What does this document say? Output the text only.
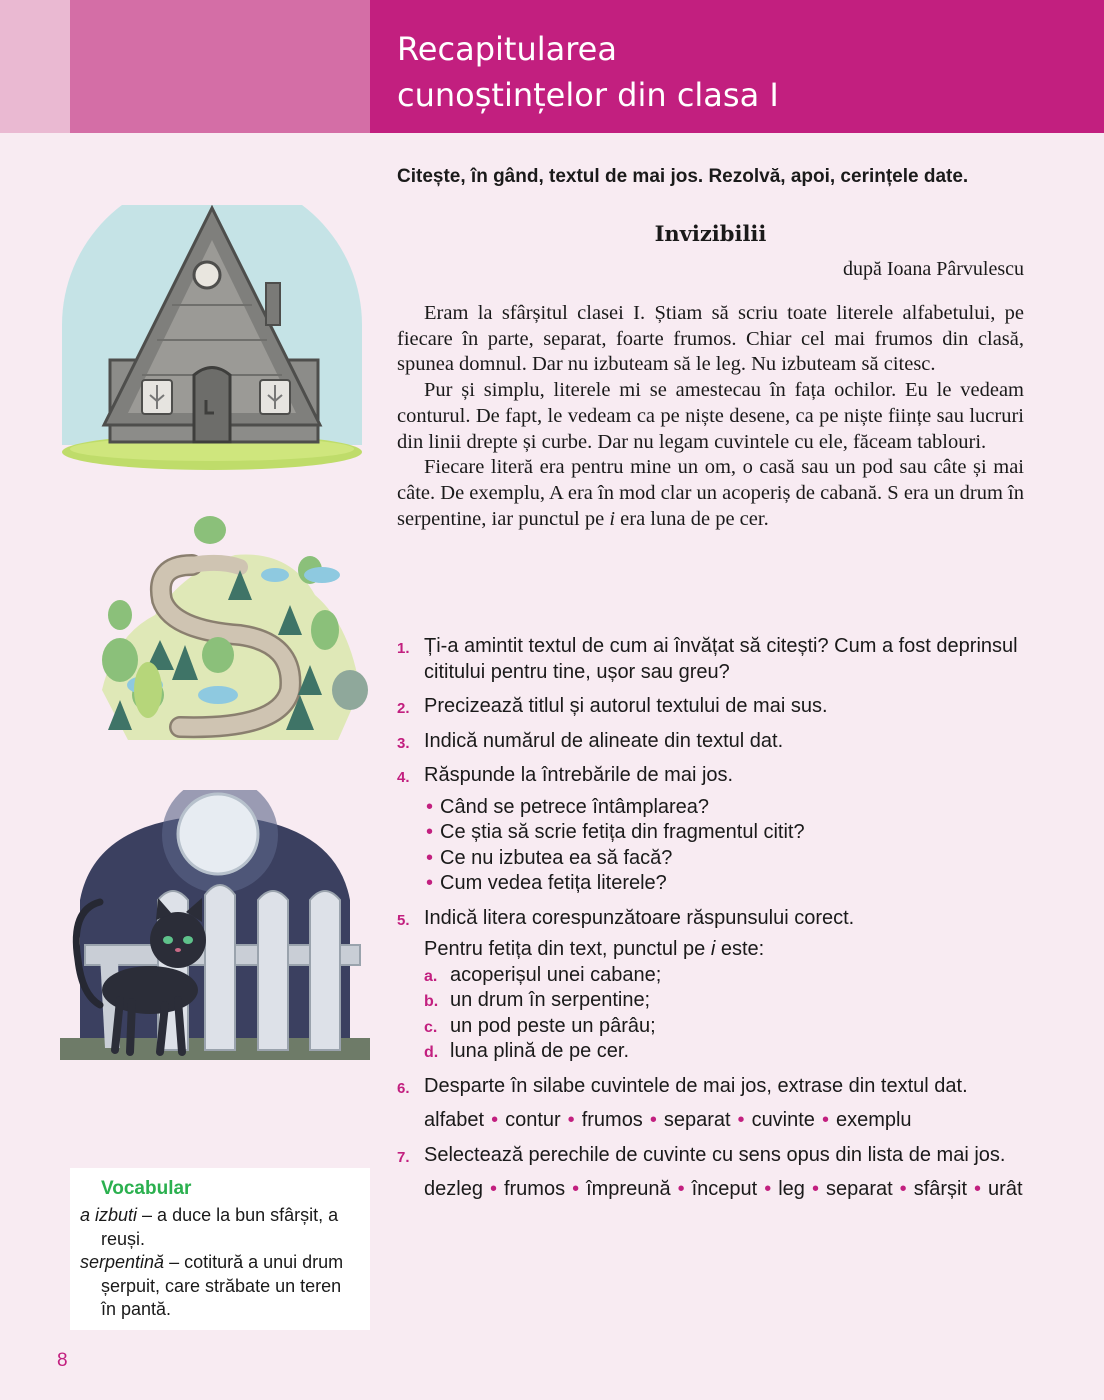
Recapitularea
cunoștințelor din clasa I

Citește, în gând, textul de mai jos. Rezolvă, apoi, cerințele date.

Invizibilii

după Ioana Pârvulescu

Eram la sfârșitul clasei I. Știam să scriu toate literele alfabetului, pe fiecare în parte, separat, foarte frumos. Chiar cel mai frumos din clasă, spunea domnul. Dar nu izbuteam să le leg. Nu izbuteam să citesc.

Pur și simplu, literele mi se amestecau în fața ochilor. Eu le vedeam conturul. De fapt, le vedeam ca pe niște desene, ca pe niște ființe sau lucruri din linii drepte și curbe. Dar nu legam cuvintele cu ele, făceam tablouri.

Fiecare literă era pentru mine un om, o casă sau un pod sau câte și mai câte. De exemplu, A era în mod clar un acoperiș de cabană. S era un drum în serpentine, iar punctul pe i era luna de pe cer.

1. Ți-a amintit textul de cum ai învățat să citești? Cum a fost deprinsul cititului pentru tine, ușor sau greu?
2. Precizează titlul și autorul textului de mai sus.
3. Indică numărul de alineate din textul dat.
4. Răspunde la întrebările de mai jos.
• Când se petrece întâmplarea?
• Ce știa să scrie fetița din fragmentul citit?
• Ce nu izbutea ea să facă?
• Cum vedea fetița literele?
5. Indică litera corespunzătoare răspunsului corect.
Pentru fetița din text, punctul pe i este:
a. acoperișul unei cabane;
b. un drum în serpentine;
c. un pod peste un pârâu;
d. luna plină de pe cer.
6. Desparte în silabe cuvintele de mai jos, extrase din textul dat.
alfabet • contur • frumos • separat • cuvinte • exemplu
7. Selectează perechile de cuvinte cu sens opus din lista de mai jos.
dezleg • frumos • împreună • început • leg • separat • sfârșit • urât
Vocabular
a izbuti – a duce la bun sfârșit, a reuși.
serpentină – cotitură a unui drum șerpuit, care străbate un teren în pantă.

8
